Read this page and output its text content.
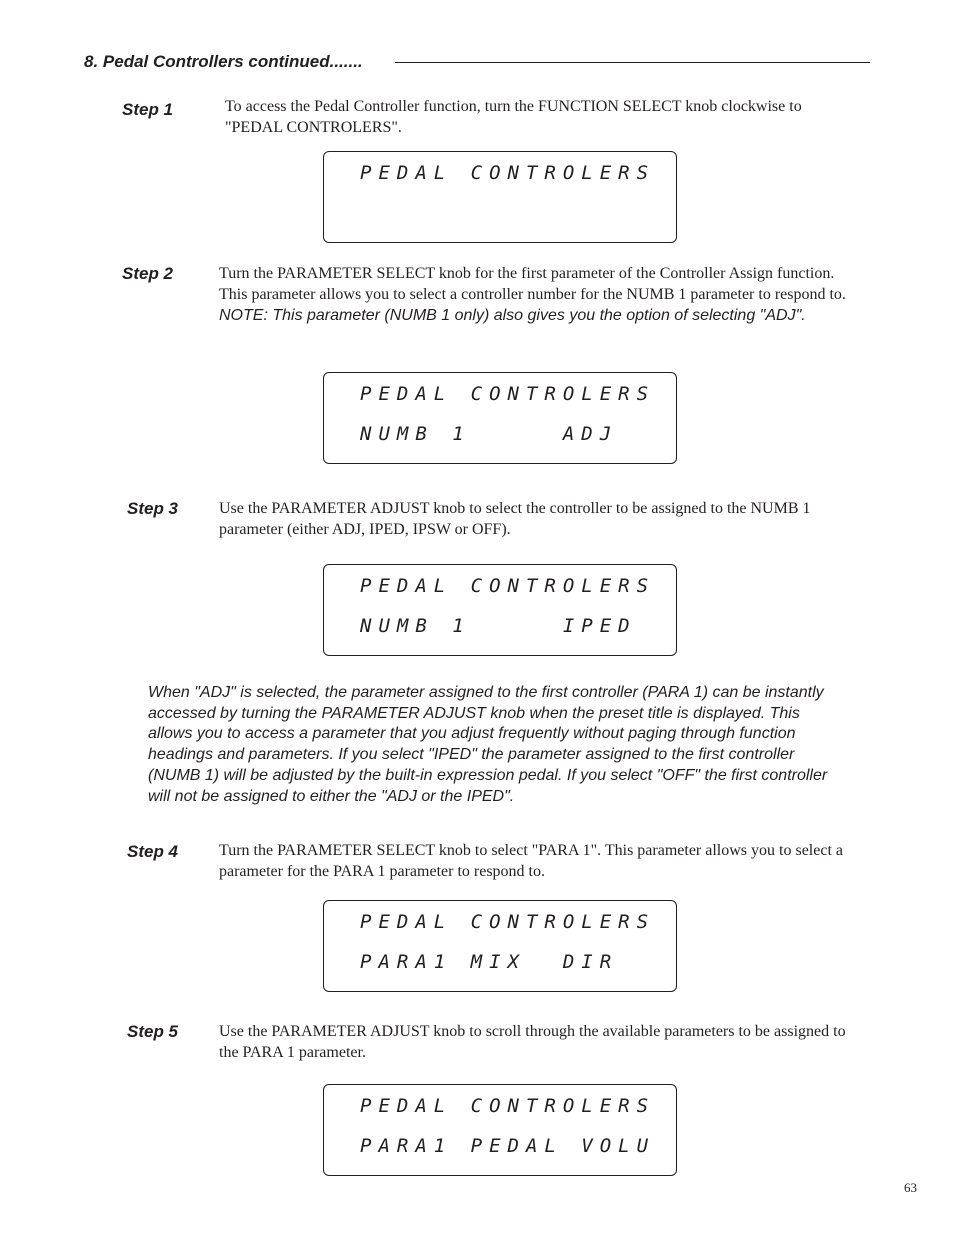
8. Pedal Controllers continued.......
Step 1	To access the Pedal Controller function, turn the FUNCTION SELECT knob clockwise to "PEDAL CONTROLERS".
PEDAL CONTROLERS
Step 2	Turn the PARAMETER SELECT knob for the first parameter of the Controller Assign function. This parameter allows you to select a controller number for the NUMB 1 parameter to respond to.
NOTE: This parameter (NUMB 1 only) also gives you the option of selecting "ADJ".
PEDAL CONTROLERS
NUMB 1     ADJ
Step 3	Use the PARAMETER ADJUST knob to select the controller to be assigned to the NUMB 1 parameter (either ADJ, IPED, IPSW or OFF).
PEDAL CONTROLERS
NUMB 1     IPED
When "ADJ" is selected, the parameter assigned to the first controller (PARA 1) can be instantly accessed by turning the PARAMETER ADJUST knob when the preset title is displayed. This allows you to access a parameter that you adjust frequently without paging through function headings and parameters. If you select "IPED" the parameter assigned to the first controller (NUMB 1) will be adjusted by the built-in expression pedal. If you select "OFF" the first controller will not be assigned to either the "ADJ or the IPED".
Step 4	Turn the PARAMETER SELECT knob to select "PARA 1". This parameter allows you to select a parameter for the PARA 1 parameter to respond to.
PEDAL CONTROLERS
PARA1 MIX  DIR
Step 5	Use the PARAMETER ADJUST knob to scroll through the available parameters to be assigned to the PARA 1 parameter.
PEDAL CONTROLERS
PARA1 PEDAL VOLU
63
